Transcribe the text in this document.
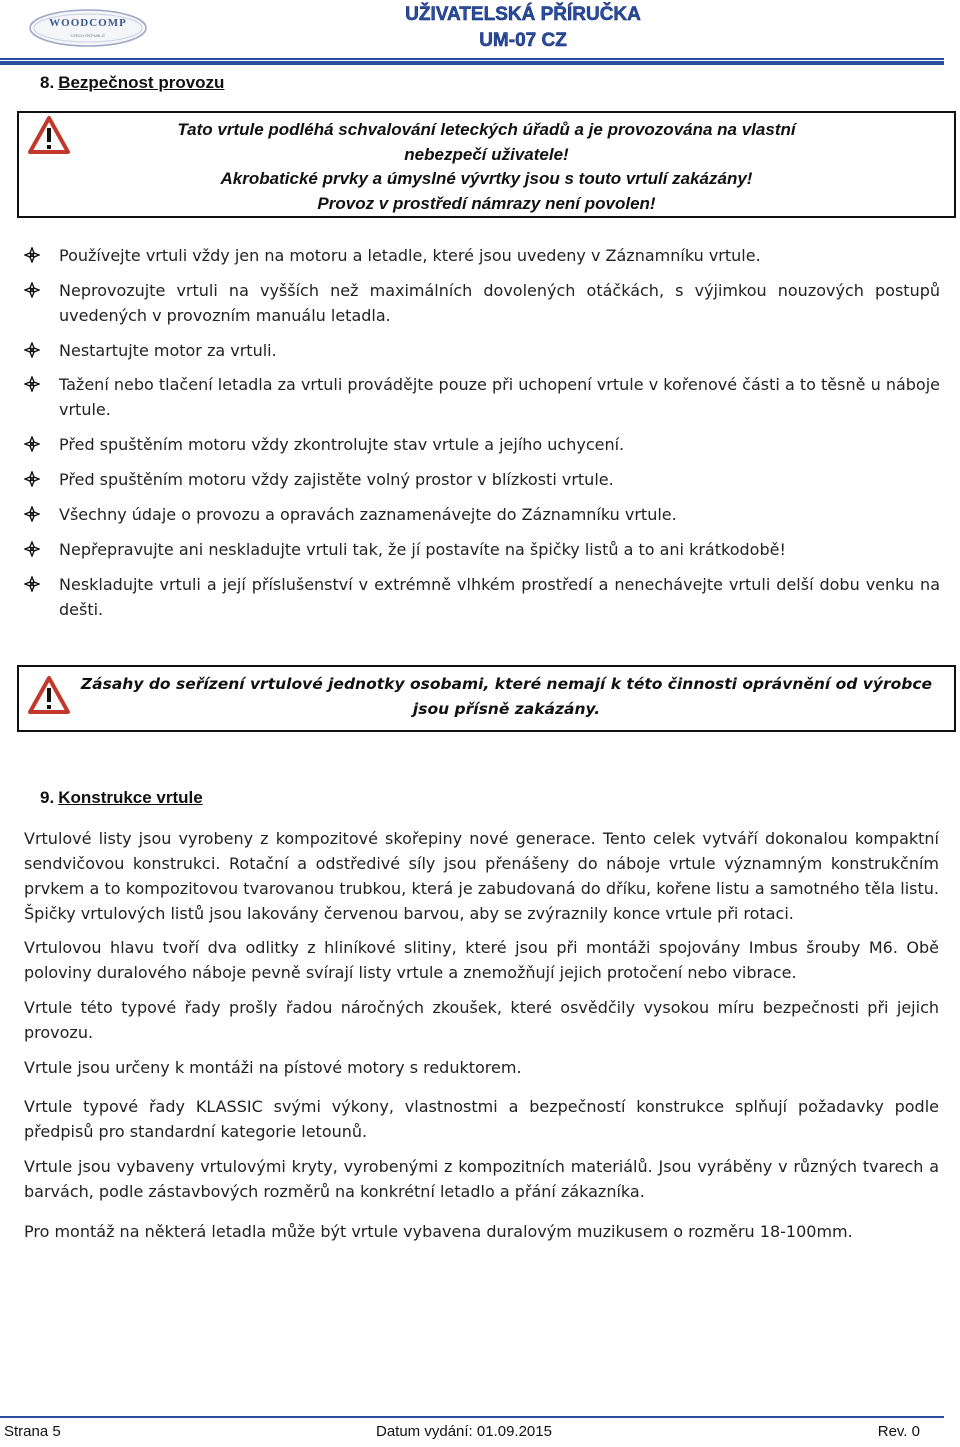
WOODCOMP
CZECH REPUBLIC
UŽIVATELSKÁ PŘÍRUČKA
UM-07 CZ
8. Bezpečnost provozu
Tato vrtule podléhá schvalování leteckých úřadů a je provozována na vlastní
nebezpečí uživatele!
Akrobatické prvky a úmyslné vývrtky jsou s touto vrtulí zakázány!
Provoz v prostředí námrazy není povolen!
Používejte vrtuli vždy jen na motoru a letadle, které jsou uvedeny v Záznamníku vrtule.
Neprovozujte vrtuli na vyšších než maximálních dovolených otáčkách, s výjimkou nouzových postupů uvedených v provozním manuálu letadla.
Nestartujte motor za vrtuli.
Tažení nebo tlačení letadla za vrtuli provádějte pouze při uchopení vrtule v kořenové části a to těsně u náboje vrtule.
Před spuštěním motoru vždy zkontrolujte stav vrtule a jejího uchycení.
Před spuštěním motoru vždy zajistěte volný prostor v blízkosti vrtule.
Všechny údaje o provozu a opravách zaznamenávejte do Záznamníku vrtule.
Nepřepravujte ani neskladujte vrtuli tak, že jí postavíte na špičky listů a to ani krátkodobě!
Neskladujte vrtuli a její příslušenství v extrémně vlhkém prostředí a nenechávejte vrtuli delší dobu venku na dešti.
Zásahy do seřízení vrtulové jednotky osobami, které nemají k této činnosti oprávnění od výrobce
jsou přísně zakázány.
9. Konstrukce vrtule
Vrtulové listy jsou vyrobeny z kompozitové skořepiny nové generace. Tento celek vytváří dokonalou kompaktní sendvičovou konstrukci. Rotační a odstředivé síly jsou přenášeny do náboje vrtule významným konstrukčním prvkem a to kompozitovou tvarovanou trubkou, která je zabudovaná do dříku, kořene listu a samotného těla listu. Špičky vrtulových listů jsou lakovány červenou barvou, aby se zvýraznily konce vrtule při rotaci.
Vrtulovou hlavu tvoří dva odlitky z hliníkové slitiny, které jsou při montáži spojovány Imbus šrouby M6. Obě poloviny duralového náboje pevně svírají listy vrtule a znemožňují jejich protočení nebo vibrace.
Vrtule této typové řady prošly řadou náročných zkoušek, které osvědčily vysokou míru bezpečnosti při jejich provozu.
Vrtule jsou určeny k montáži na pístové motory s reduktorem.
Vrtule typové řady KLASSIC svými výkony, vlastnostmi a bezpečností konstrukce splňují požadavky podle předpisů pro standardní kategorie letounů.
Vrtule jsou vybaveny vrtulovými kryty, vyrobenými z kompozitních materiálů. Jsou vyráběny v různých tvarech a barvách, podle zástavbových rozměrů na konkrétní letadlo a přání zákazníka.
Pro montáž na některá letadla může být vrtule vybavena duralovým muzikusem o rozměru 18-100mm.
Strana 5	Datum vydání: 01.09.2015	Rev. 0
